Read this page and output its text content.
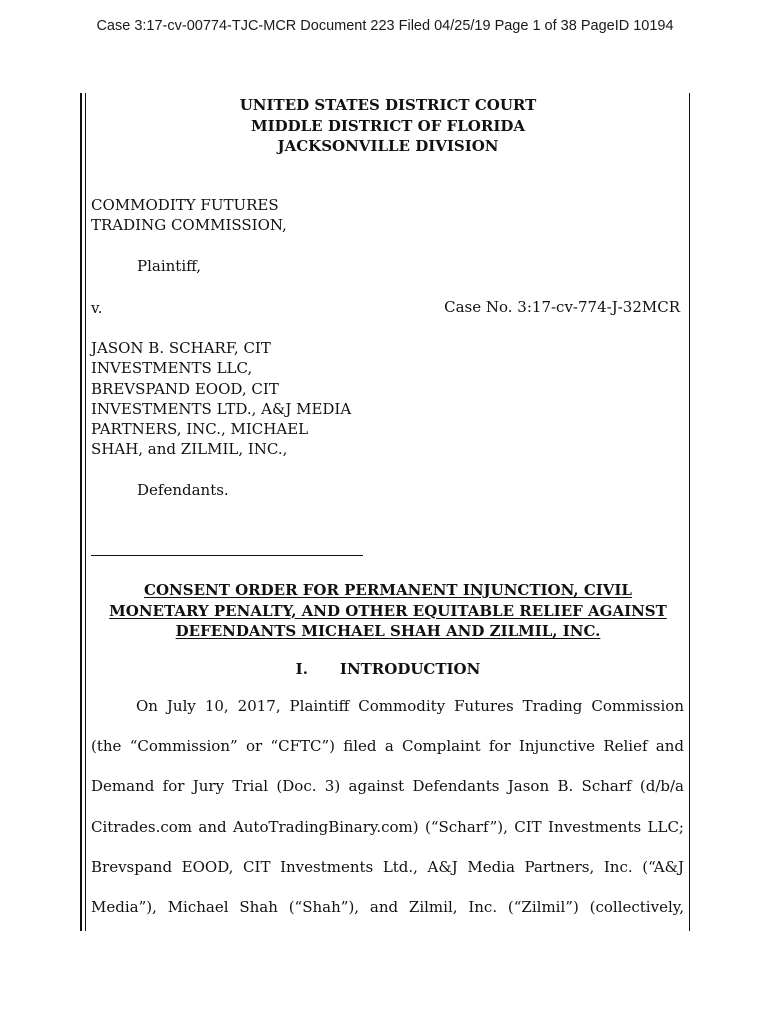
Case 3:17-cv-00774-TJC-MCR Document 223 Filed 04/25/19 Page 1 of 38 PageID 10194
UNITED STATES DISTRICT COURT
MIDDLE DISTRICT OF FLORIDA
JACKSONVILLE DIVISION
COMMODITY FUTURES
TRADING COMMISSION,
Plaintiff,
v.	Case No. 3:17-cv-774-J-32MCR
JASON B. SCHARF, CIT
INVESTMENTS LLC,
BREVSPAND EOOD, CIT
INVESTMENTS LTD., A&J MEDIA
PARTNERS, INC., MICHAEL
SHAH, and ZILMIL, INC.,
Defendants.
CONSENT ORDER FOR PERMANENT INJUNCTION, CIVIL
MONETARY PENALTY, AND OTHER EQUITABLE RELIEF AGAINST
DEFENDANTS MICHAEL SHAH AND ZILMIL, INC.
I. INTRODUCTION
On July 10, 2017, Plaintiff Commodity Futures Trading Commission
(the “Commission” or “CFTC”) filed a Complaint for Injunctive Relief and
Demand for Jury Trial (Doc. 3) against Defendants Jason B. Scharf (d/b/a
Citrades.com and AutoTradingBinary.com) (“Scharf”), CIT Investments LLC;
Brevspand EOOD, CIT Investments Ltd., A&J Media Partners, Inc. (“A&J
Media”), Michael Shah (“Shah”), and Zilmil, Inc. (“Zilmil”) (collectively,
